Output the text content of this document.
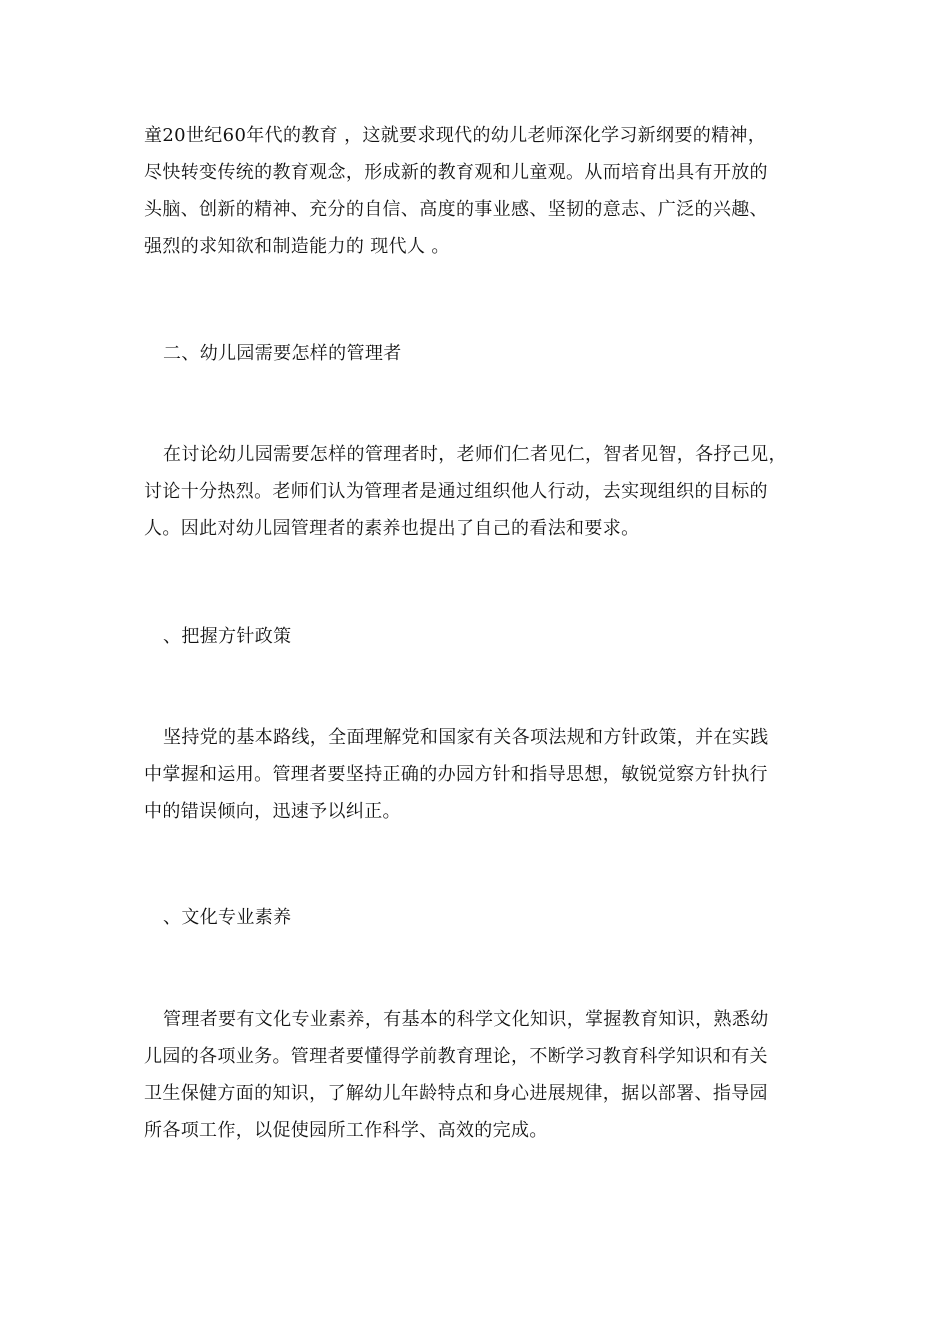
童20世纪60年代的教育 ，这就要求现代的幼儿老师深化学习新纲要的精神，
尽快转变传统的教育观念，形成新的教育观和儿童观。从而培育出具有开放的
头脑、创新的精神、充分的自信、高度的事业感、坚韧的意志、广泛的兴趣、
强烈的求知欲和制造能力的 现代人 。
二、幼儿园需要怎样的管理者
在讨论幼儿园需要怎样的管理者时，老师们仁者见仁，智者见智，各抒己见，
讨论十分热烈。老师们认为管理者是通过组织他人行动，去实现组织的目标的
人。因此对幼儿园管理者的素养也提出了自己的看法和要求。
、把握方针政策
坚持党的基本路线，全面理解党和国家有关各项法规和方针政策，并在实践
中掌握和运用。管理者要坚持正确的办园方针和指导思想，敏锐觉察方针执行
中的错误倾向，迅速予以纠正。
、文化专业素养
管理者要有文化专业素养，有基本的科学文化知识，掌握教育知识，熟悉幼
儿园的各项业务。管理者要懂得学前教育理论，不断学习教育科学知识和有关
卫生保健方面的知识，了解幼儿年龄特点和身心进展规律，据以部署、指导园
所各项工作，以促使园所工作科学、高效的完成。
